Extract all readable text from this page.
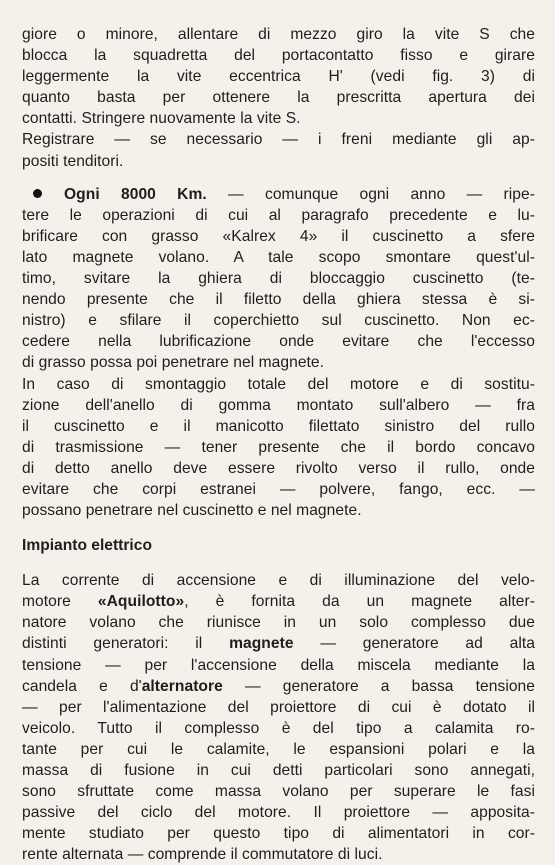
giore o minore, allentare di mezzo giro la vite S che
blocca la squadretta del portacontatto fisso e girare
leggermente la vite eccentrica H' (vedi fig. 3) di
quanto basta per ottenere la prescritta apertura dei
contatti. Stringere nuovamente la vite S.
Registrare — se necessario — i freni mediante gli ap-
positi tenditori.
Ogni 8000 Km. — comunque ogni anno — ripe-
tere le operazioni di cui al paragrafo precedente e lu-
brificare con grasso «Kalrex 4» il cuscinetto a sfere
lato magnete volano. A tale scopo smontare quest'ul-
timo, svitare la ghiera di bloccaggio cuscinetto (te-
nendo presente che il filetto della ghiera stessa è si-
nistro) e sfilare il coperchietto sul cuscinetto. Non ec-
cedere nella lubrificazione onde evitare che l'eccesso
di grasso possa poi penetrare nel magnete.
In caso di smontaggio totale del motore e di sostitu-
zione dell'anello di gomma montato sull'albero — fra
il cuscinetto e il manicotto filettato sinistro del rullo
di trasmissione — tener presente che il bordo concavo
di detto anello deve essere rivolto verso il rullo, onde
evitare che corpi estranei — polvere, fango, ecc. —
possano penetrare nel cuscinetto e nel magnete.
Impianto elettrico
La corrente di accensione e di illuminazione del velo-
motore «Aquilotto», è fornita da un magnete alter-
natore volano che riunisce in un solo complesso due
distinti generatori: il magnete — generatore ad alta
tensione — per l'accensione della miscela mediante la
candela e d'alternatore — generatore a bassa tensione
— per l'alimentazione del proiettore di cui è dotato il
veicolo. Tutto il complesso è del tipo a calamita ro-
tante per cui le calamite, le espansioni polari e la
massa di fusione in cui detti particolari sono annegati,
sono sfruttate come massa volano per superare le fasi
passive del ciclo del motore. Il proiettore — apposita-
mente studiato per questo tipo di alimentatori in cor-
rente alternata — comprende il commutatore di luci.
